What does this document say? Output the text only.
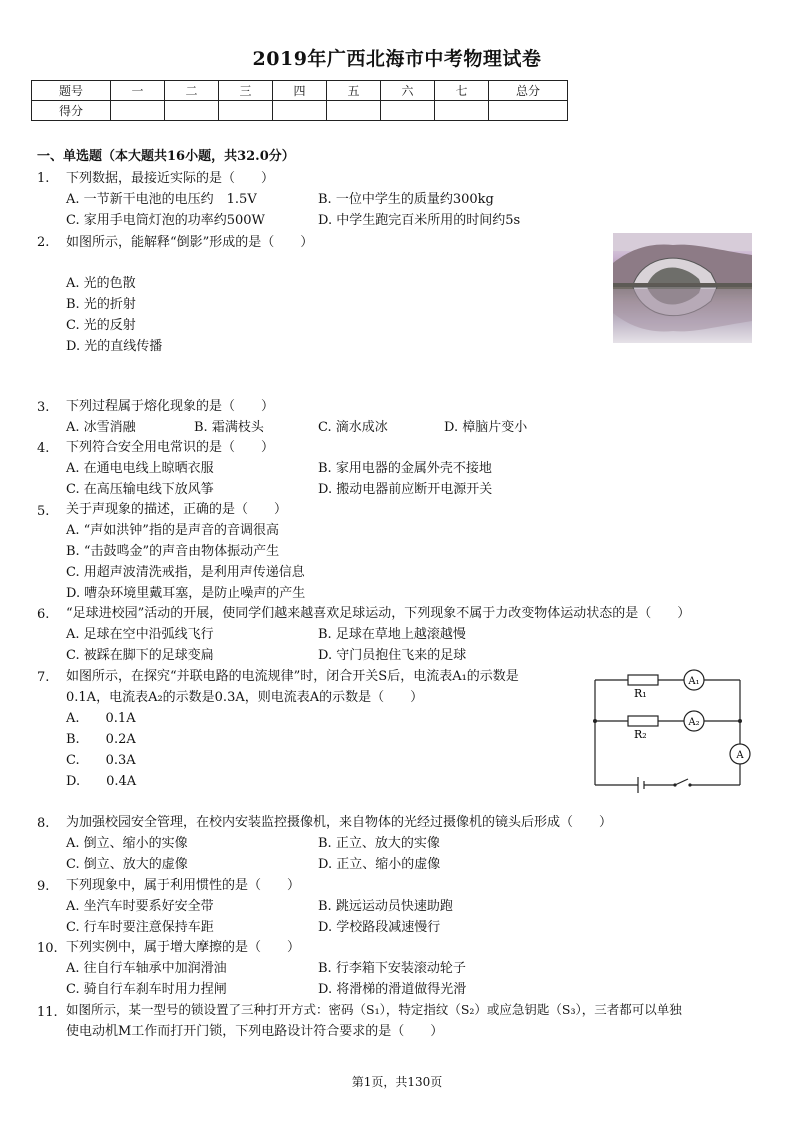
2019年广西北海市中考物理试卷
题号	一	二	三	四	五	六	七	总分
得分								
一、单选题（本大题共16小题，共32.0分）
1. 下列数据，最接近实际的是（　　）
A. 一节新干电池的电压约　1.5V	B. 一位中学生的质量约300kg
C. 家用手电筒灯泡的功率约500W	D. 中学生跑完百米所用的时间约5s
2. 如图所示，能解释“倒影”形成的是（　　）
A. 光的色散
B. 光的折射
C. 光的反射
D. 光的直线传播
3. 下列过程属于熔化现象的是（　　）
A. 冰雪消融	B. 霜满枝头	C. 滴水成冰	D. 樟脑片变小
4. 下列符合安全用电常识的是（　　）
A. 在通电电线上晾晒衣服	B. 家用电器的金属外壳不接地
C. 在高压输电线下放风筝	D. 搬动电器前应断开电源开关
5. 关于声现象的描述，正确的是（　　）
A. “声如洪钟”指的是声音的音调很高
B. “击鼓鸣金”的声音由物体振动产生
C. 用超声波清洗戒指，是利用声传递信息
D. 嘈杂环境里戴耳塞，是防止噪声的产生
6. “足球进校园”活动的开展，使同学们越来越喜欢足球运动，下列现象不属于力改变物体运动状态的是（　　）
A. 足球在空中沿弧线飞行	B. 足球在草地上越滚越慢
C. 被踩在脚下的足球变扁	D. 守门员抱住飞来的足球
7. 如图所示，在探究“并联电路的电流规律”时，闭合开关S后，电流表A₁的示数是
0.1A，电流表A₂的示数是0.3A，则电流表A的示数是（　　）
A.　　0.1A
B.　　0.2A
C.　　0.3A
D.　　0.4A
R₁
R₂
A₁
A₂
A
8. 为加强校园安全管理，在校内安装监控摄像机，来自物体的光经过摄像机的镜头后形成（　　）
A. 倒立、缩小的实像	B. 正立、放大的实像
C. 倒立、放大的虚像	D. 正立、缩小的虚像
9. 下列现象中，属于利用惯性的是（　　）
A. 坐汽车时要系好安全带	B. 跳远运动员快速助跑
C. 行车时要注意保持车距	D. 学校路段减速慢行
10. 下列实例中，属于增大摩擦的是（　　）
A. 往自行车轴承中加润滑油	B. 行李箱下安装滚动轮子
C. 骑自行车刹车时用力捏闸	D. 将滑梯的滑道做得光滑
11. 如图所示，某一型号的锁设置了三种打开方式：密码（S₁），特定指纹（S₂）或应急钥匙（S₃），三者都可以单独
使电动机M工作而打开门锁，下列电路设计符合要求的是（　　）
第1页，共130页
